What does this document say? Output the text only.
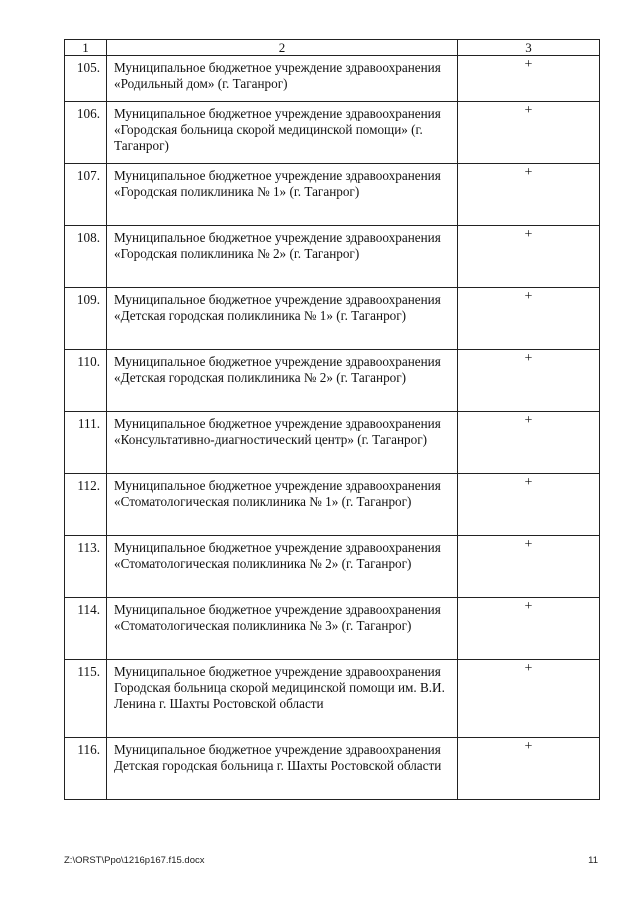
1	2	3
105.	Муниципальное бюджетное учреждение здравоохранения «Родильный дом» (г. Таганрог)	+
106.	Муниципальное бюджетное учреждение здравоохранения «Городская больница скорой медицинской помощи» (г. Таганрог)	+
107.	Муниципальное бюджетное учреждение здравоохранения «Городская поликлиника № 1» (г. Таганрог)	+
108.	Муниципальное бюджетное учреждение здравоохранения «Городская поликлиника № 2» (г. Таганрог)	+
109.	Муниципальное бюджетное учреждение здравоохранения «Детская городская поликлиника № 1» (г. Таганрог)	+
110.	Муниципальное бюджетное учреждение здравоохранения «Детская городская поликлиника № 2» (г. Таганрог)	+
111.	Муниципальное бюджетное учреждение здравоохранения «Консультативно-диагностический центр» (г. Таганрог)	+
112.	Муниципальное бюджетное учреждение здравоохранения «Стоматологическая поликлиника № 1» (г. Таганрог)	+
113.	Муниципальное бюджетное учреждение здравоохранения «Стоматологическая поликлиника № 2» (г. Таганрог)	+
114.	Муниципальное бюджетное учреждение здравоохранения «Стоматологическая поликлиника № 3» (г. Таганрог)	+
115.	Муниципальное бюджетное учреждение здравоохранения Городская больница скорой медицинской помощи им. В.И. Ленина г. Шахты Ростовской области	+
116.	Муниципальное бюджетное учреждение здравоохранения Детская городская больница г. Шахты Ростовской области	+
Z:\ORST\Ppo\1216p167.f15.docx	11
